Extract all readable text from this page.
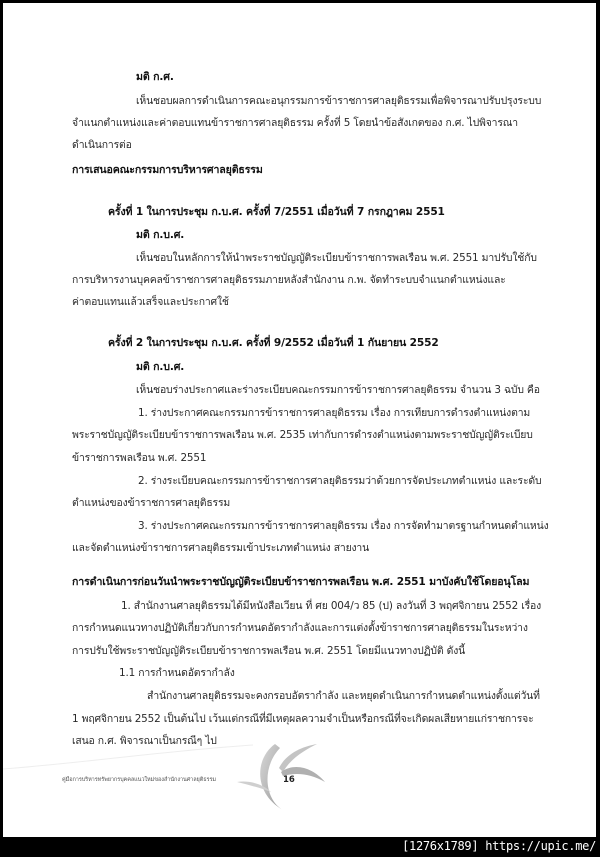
มติ ก.ศ.
เห็นชอบผลการดำเนินการคณะอนุกรรมการข้าราชการศาลยุติธรรมเพื่อพิจารณาปรับปรุงระบบ
จำแนกตำแหน่งและค่าตอบแทนข้าราชการศาลยุติธรรม ครั้งที่ 5 โดยนำข้อสังเกตของ ก.ศ. ไปพิจารณา
ดำเนินการต่อ
การเสนอคณะกรรมการบริหารศาลยุติธรรม
ครั้งที่ 1 ในการประชุม ก.บ.ศ. ครั้งที่ 7/2551 เมื่อวันที่ 7 กรกฎาคม 2551
มติ ก.บ.ศ.
เห็นชอบในหลักการให้นำพระราชบัญญัติระเบียบข้าราชการพลเรือน พ.ศ. 2551 มาปรับใช้กับ
การบริหารงานบุคคลข้าราชการศาลยุติธรรมภายหลังสำนักงาน ก.พ. จัดทำระบบจำแนกตำแหน่งและ
ค่าตอบแทนแล้วเสร็จและประกาศใช้
ครั้งที่ 2 ในการประชุม ก.บ.ศ. ครั้งที่ 9/2552 เมื่อวันที่ 1 กันยายน 2552
มติ ก.บ.ศ.
เห็นชอบร่างประกาศและร่างระเบียบคณะกรรมการข้าราชการศาลยุติธรรม จำนวน 3 ฉบับ คือ
1. ร่างประกาศคณะกรรมการข้าราชการศาลยุติธรรม เรื่อง การเทียบการดำรงตำแหน่งตาม
พระราชบัญญัติระเบียบข้าราชการพลเรือน พ.ศ. 2535 เท่ากับการดำรงตำแหน่งตามพระราชบัญญัติระเบียบ
ข้าราชการพลเรือน พ.ศ. 2551
2. ร่างระเบียบคณะกรรมการข้าราชการศาลยุติธรรมว่าด้วยการจัดประเภทตำแหน่ง และระดับ
ตำแหน่งของข้าราชการศาลยุติธรรม
3. ร่างประกาศคณะกรรมการข้าราชการศาลยุติธรรม เรื่อง การจัดทำมาตรฐานกำหนดตำแหน่ง
และจัดตำแหน่งข้าราชการศาลยุติธรรมเข้าประเภทตำแหน่ง สายงาน
การดำเนินการก่อนวันนำพระราชบัญญัติระเบียบข้าราชการพลเรือน พ.ศ. 2551 มาบังคับใช้โดยอนุโลม
1. สำนักงานศาลยุติธรรมได้มีหนังสือเวียน ที่ ศย 004/ว 85 (ป) ลงวันที่ 3 พฤศจิกายน 2552 เรื่อง
การกำหนดแนวทางปฏิบัติเกี่ยวกับการกำหนดอัตรากำลังและการแต่งตั้งข้าราชการศาลยุติธรรมในระหว่าง
การปรับใช้พระราชบัญญัติระเบียบข้าราชการพลเรือน พ.ศ. 2551 โดยมีแนวทางปฏิบัติ ดังนี้
1.1 การกำหนดอัตรากำลัง
สำนักงานศาลยุติธรรมจะคงกรอบอัตรากำลัง และหยุดดำเนินการกำหนดตำแหน่งตั้งแต่วันที่
1 พฤศจิกายน 2552 เป็นต้นไป เว้นแต่กรณีที่มีเหตุผลความจำเป็นหรือกรณีที่จะเกิดผลเสียหายแก่ราชการจะ
เสนอ ก.ศ. พิจารณาเป็นกรณีๆ ไป
คู่มือการบริหารทรัพยากรบุคคลแนวใหม่ของสำนักงานศาลยุติธรรม	16
[1276x1789] https://upic.me/
